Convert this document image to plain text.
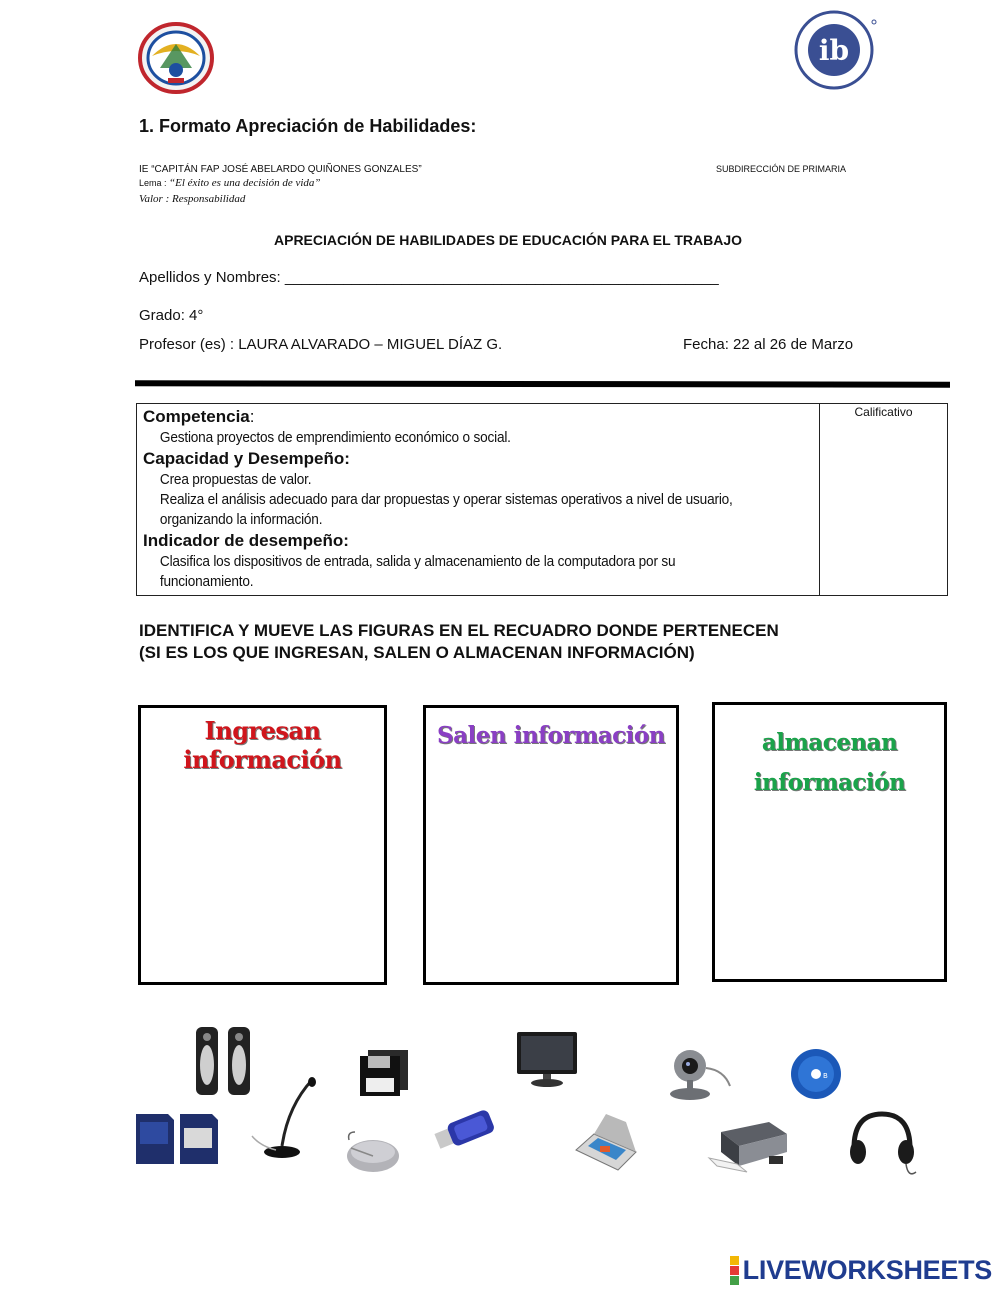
ib
1. Formato Apreciación de Habilidades:
IE “CAPITÁN FAP JOSÉ ABELARDO QUIÑONES GONZALES”	SUBDIRECCIÓN DE PRIMARIA
Lema : “El éxito es una decisión de vida”
Valor : Responsabilidad
APRECIACIÓN DE HABILIDADES DE EDUCACIÓN PARA EL TRABAJO
Apellidos y Nombres: ____________________________________________________
Grado: 4°
Profesor (es) : LAURA ALVARADO – MIGUEL DÍAZ G.	Fecha: 22 al 26 de Marzo
Competencia:
Gestiona proyectos de emprendimiento económico o social.
Capacidad y Desempeño:
Crea propuestas de valor.
Realiza el análisis adecuado para dar propuestas y operar sistemas operativos a nivel de usuario,
organizando la información.
Indicador de desempeño:
Clasifica los dispositivos de entrada, salida y almacenamiento de la computadora por su
funcionamiento.
Calificativo
IDENTIFICA Y MUEVE LAS FIGURAS EN EL RECUADRO DONDE PERTENECEN
(SI ES LOS QUE INGRESAN, SALEN O ALMACENAN INFORMACIÓN)
Ingresan información
Salen información	almacenan
información
B
LIVEWORKSHEETS
